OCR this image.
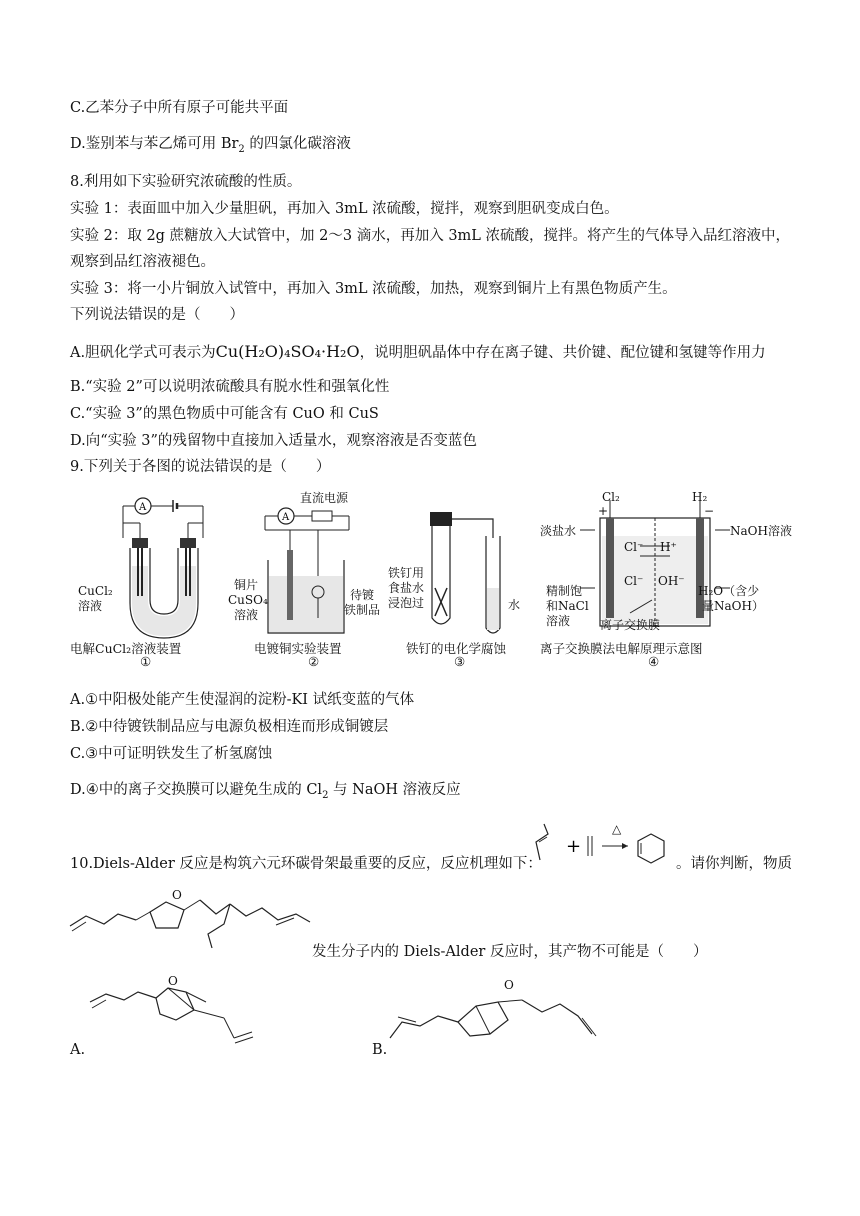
C.乙苯分子中所有原子可能共平面
D.鉴别苯与苯乙烯可用 $Br_2$ 的四氯化碳溶液
8.利用如下实验研究浓硫酸的性质。
实验 1：表面皿中加入少量胆矾，再加入 3mL 浓硫酸，搅拌，观察到胆矾变成白色。
实验 2：取 2g 蔗糖放入大试管中，加 2～3 滴水，再加入 3mL 浓硫酸，搅拌。将产生的气体导入品红溶液中，
观察到品红溶液褪色。
实验 3：将一小片铜放入试管中，再加入 3mL 浓硫酸，加热，观察到铜片上有黑色物质产生。
下列说法错误的是（　　）
A.胆矾化学式可表示为Cu(H₂O)₄SO₄·H₂O，说明胆矾晶体中存在离子键、共价键、配位键和氢键等作用力
B.“实验 2”可以说明浓硫酸具有脱水性和强氧化性
C.“实验 3”的黑色物质中可能含有 CuO 和 CuS
D.向“实验 3”的残留物中直接加入适量水，观察溶液是否变蓝色
9.下列关于各图的说法错误的是（　　）
A
CuCl₂
溶液
电解CuCl₂溶液装置
①
A
直流电源
铜片
CuSO₄
溶液
待镀
铁制品
电镀铜实验装置
②
铁钉用
食盐水
浸泡过	水
铁钉的电化学腐蚀
③
Cl₂	H₂
+	−
淡盐水	NaOH溶液
Cl⁻ H⁺
Cl⁻ OH⁻
精制饱
和NaCl
溶液
H₂O（含少
量NaOH）
离子交换膜
离子交换膜法电解原理示意图
④
A.①中阳极处能产生使湿润的淀粉-KI 试纸变蓝的气体
B.②中待镀铁制品应与电源负极相连而形成铜镀层
C.③中可证明铁发生了析氢腐蚀
D.④中的离子交换膜可以避免生成的 $Cl_2$ 与 NaOH 溶液反应
10.Diels-Alder 反应是构筑六元环碳骨架最重要的反应，反应机理如下：
+
△
。请你判断，物质
O
发生分子内的 Diels-Alder 反应时，其产物不可能是（　　）
O
A.
O
B.
